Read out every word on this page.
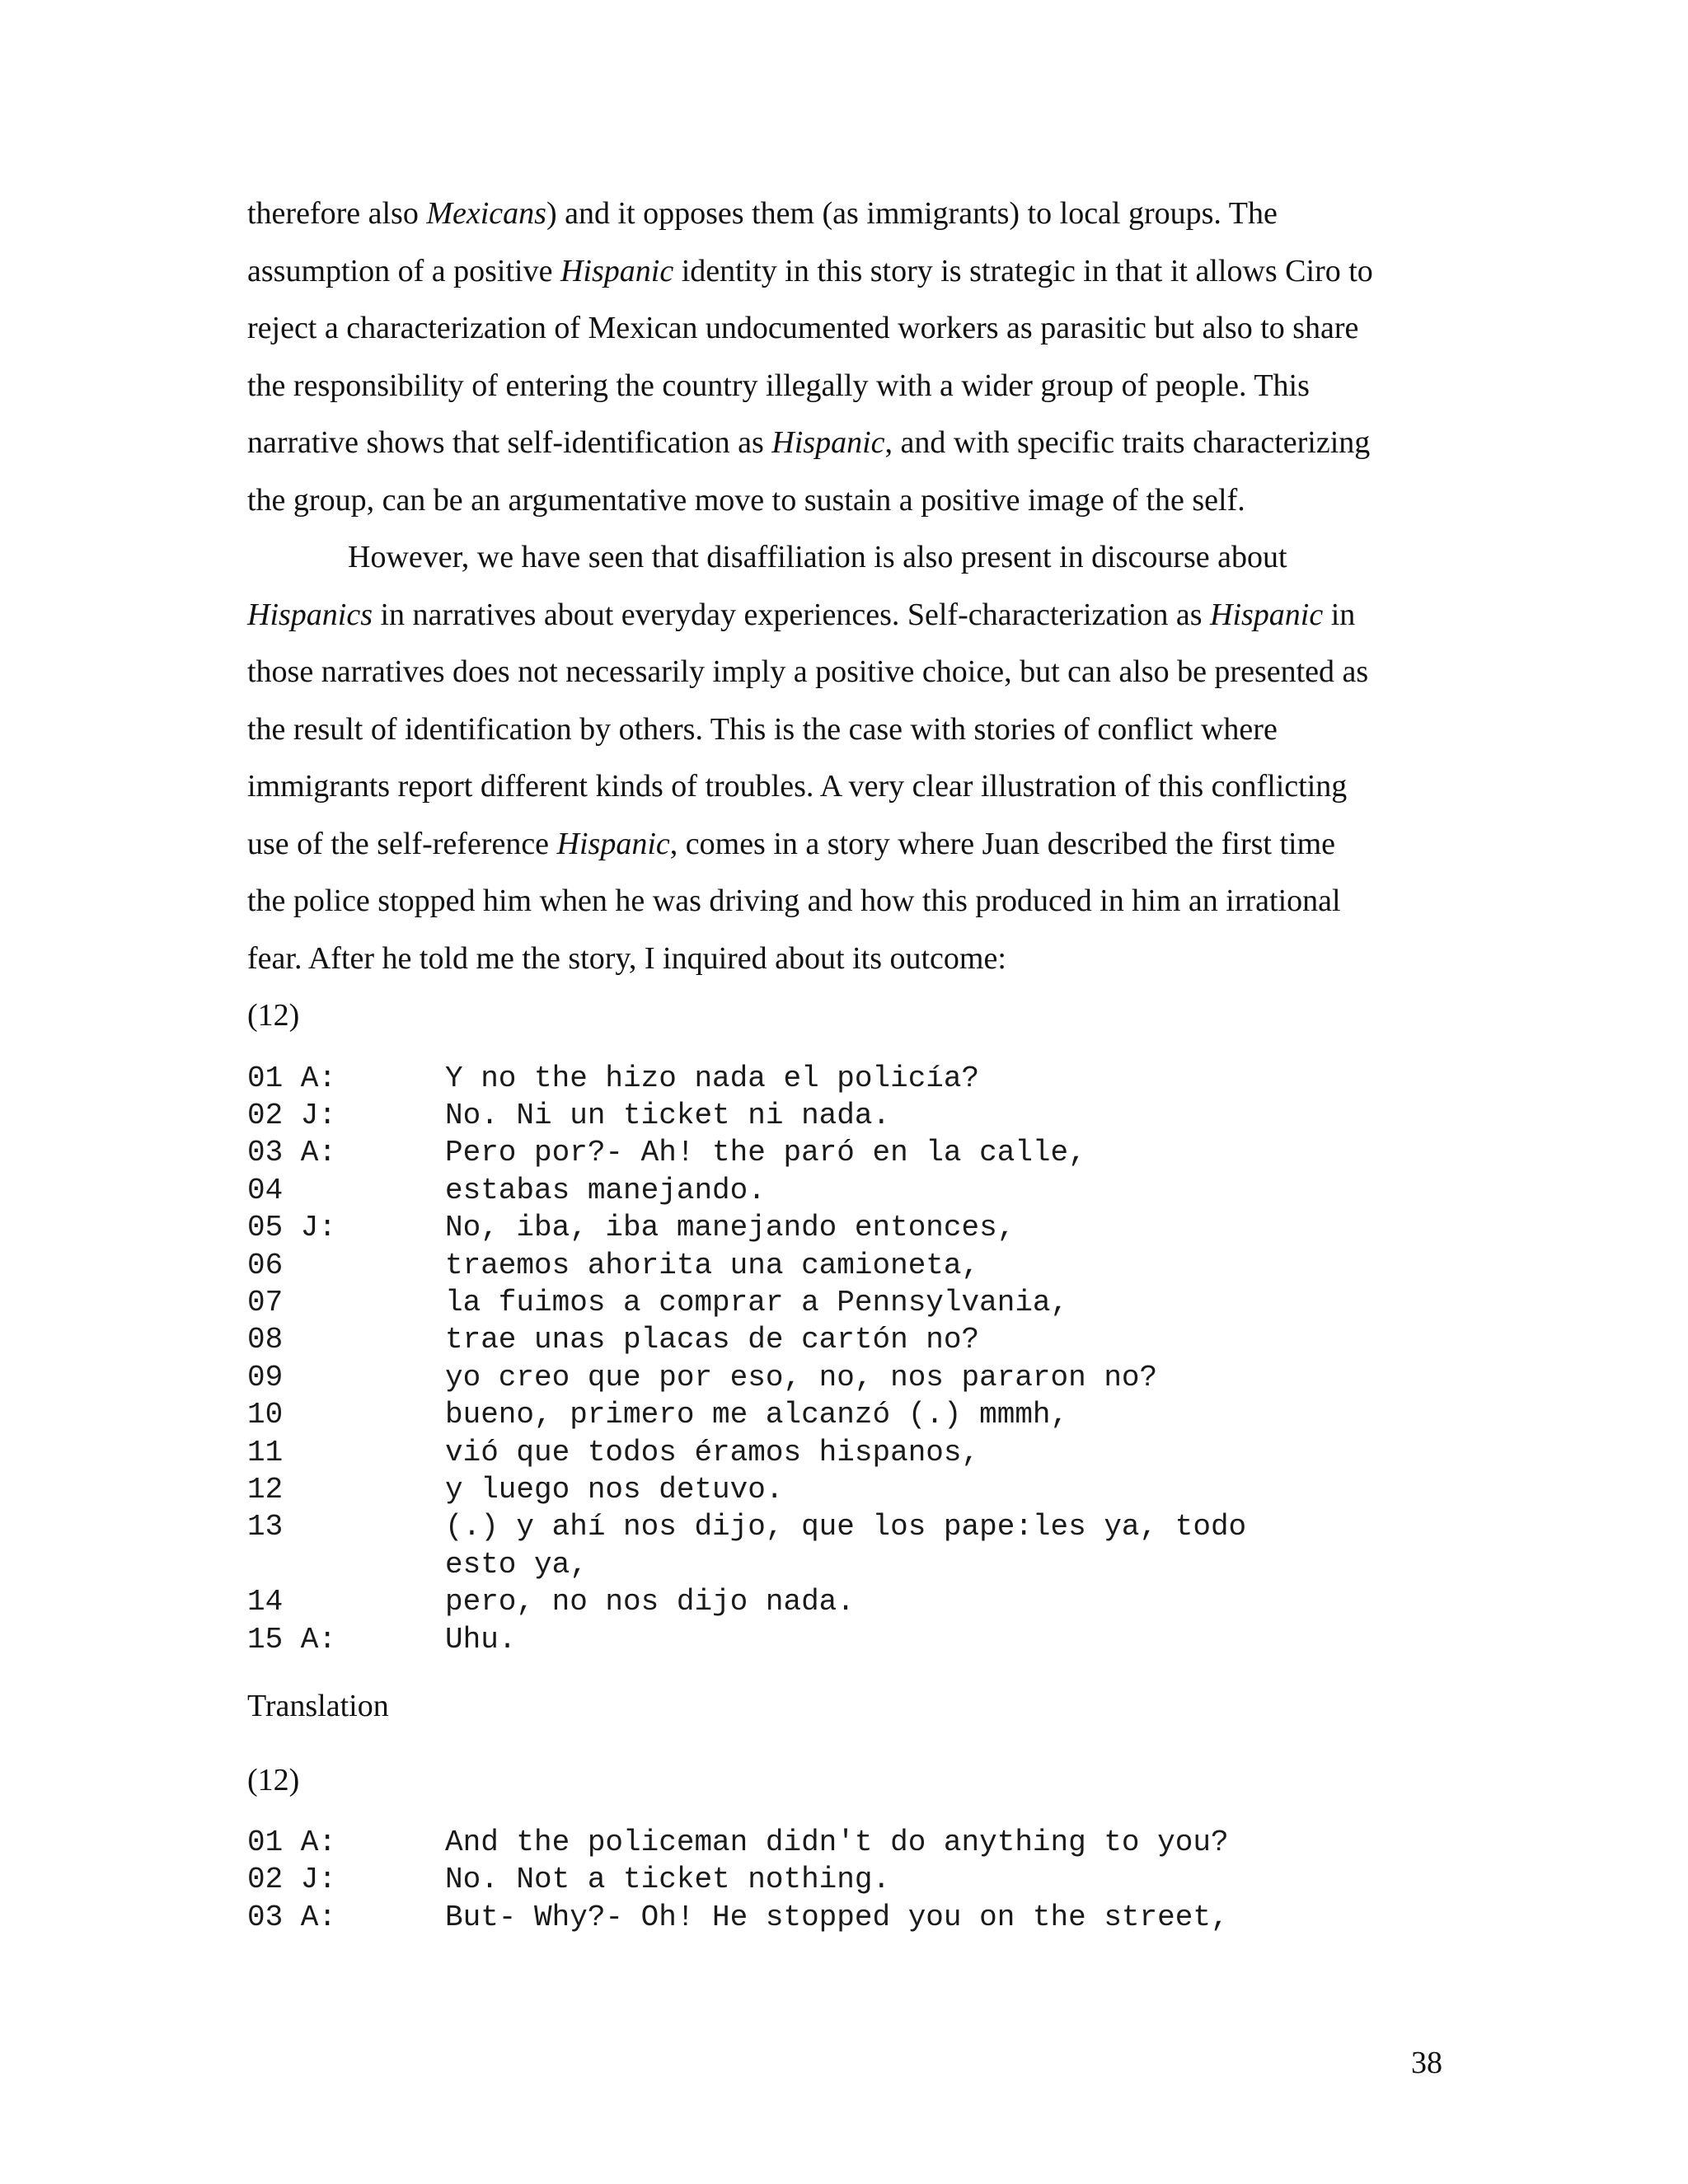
therefore also Mexicans) and it opposes them (as immigrants) to local groups. The
assumption of a positive Hispanic identity in this story is strategic in that it allows Ciro to
reject a characterization of Mexican undocumented workers as parasitic but also to share
the responsibility of entering the country illegally with a wider group of people. This
narrative shows that self-identification as Hispanic, and with specific traits characterizing
the group, can be an argumentative move to sustain a positive image of the self.
However, we have seen that disaffiliation is also present in discourse about
Hispanics in narratives about everyday experiences. Self-characterization as Hispanic in
those narratives does not necessarily imply a positive choice, but can also be presented as
the result of identification by others. This is the case with stories of conflict where
immigrants report different kinds of troubles. A very clear illustration of this conflicting
use of the self-reference Hispanic, comes in a story where Juan described the first time
the police stopped him when he was driving and how this produced in him an irrational
fear. After he told me the story, I inquired about its outcome:

(12)

01 A:	Y no the hizo nada el policía?
02 J:	No. Ni un ticket ni nada.
03 A:	Pero por?- Ah! the paró en la calle,
04	estabas manejando.
05 J:	No, iba, iba manejando entonces,
06	traemos ahorita una camioneta,
07	la fuimos a comprar a Pennsylvania,
08	trae unas placas de cartón no?
09	yo creo que por eso, no, nos pararon no?
10	bueno, primero me alcanzó (.) mmmh,
11	vió que todos éramos hispanos,
12	y luego nos detuvo.
13	(.) y ahí nos dijo, que los pape:les ya, todo
esto ya,
14	pero, no nos dijo nada.
15 A:	Uhu.

Translation

(12)

01 A:	And the policeman didn't do anything to you?
02 J:	No. Not a ticket nothing.
03 A:	But- Why?- Oh! He stopped you on the street,
38
